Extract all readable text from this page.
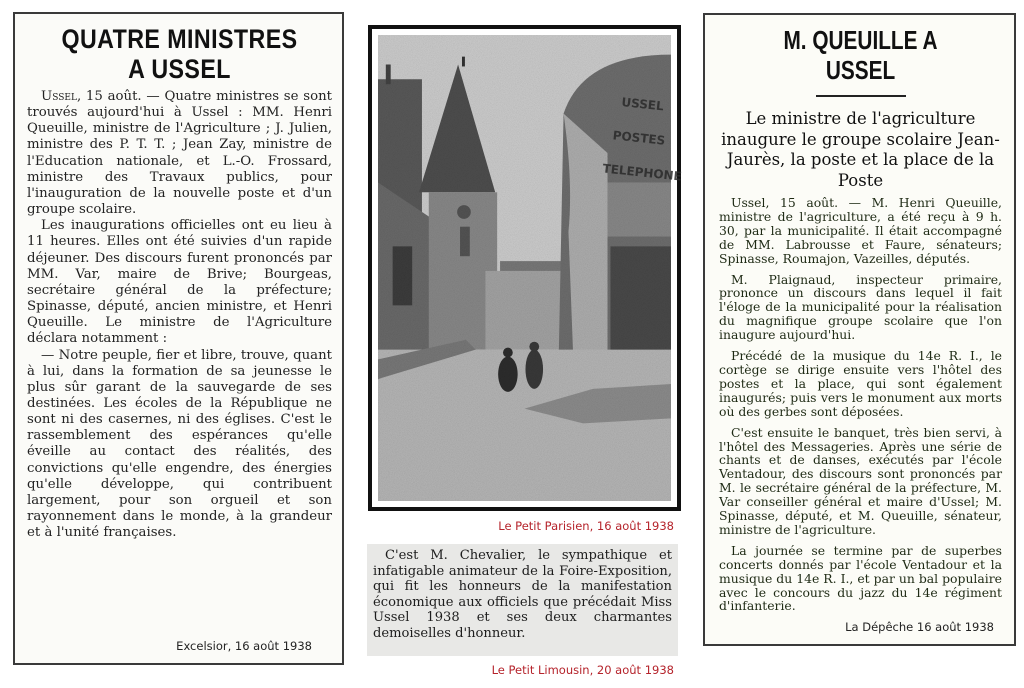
QUATRE MINISTRES
A USSEL

Ussel, 15 août. — Quatre ministres se sont trouvés aujourd'hui à Ussel : MM. Henri Queuille, ministre de l'Agriculture ; J. Julien, ministre des P. T. T. ; Jean Zay, ministre de l'Education nationale, et L.-O. Frossard, ministre des Travaux publics, pour l'inauguration de la nouvelle poste et d'un groupe scolaire.

Les inaugurations officielles ont eu lieu à 11 heures. Elles ont été suivies d'un rapide déjeuner. Des discours furent prononcés par MM. Var, maire de Brive; Bourgeas, secrétaire général de la préfecture; Spinasse, député, ancien ministre, et Henri Queuille. Le ministre de l'Agriculture déclara notamment :

— Notre peuple, fier et libre, trouve, quant à lui, dans la formation de sa jeunesse le plus sûr garant de la sauvegarde de ses destinées. Les écoles de la République ne sont ni des casernes, ni des églises. C'est le rassemblement des espérances qu'elle éveille au contact des réalités, des convictions qu'elle engendre, des énergies qu'elle développe, qui contribuent largement, pour son orgueil et son rayonnement dans le monde, à la grandeur et à l'unité françaises.

Excelsior, 16 août 1938
USSEL POSTES TELEPHONE
Le Petit Parisien, 16 août 1938

C'est M. Chevalier, le sympathique et infatigable animateur de la Foire-Exposition, qui fit les honneurs de la manifestation économique aux officiels que précédait Miss Ussel 1938 et ses deux charmantes demoiselles d'honneur.

Le Petit Limousin, 20 août 1938
M. QUEUILLE A USSEL
Le ministre de l'agriculture inaugure le groupe scolaire Jean-Jaurès, la poste et la place de la Poste

Ussel, 15 août. — M. Henri Queuille, ministre de l'agriculture, a été reçu à 9 h. 30, par la municipalité. Il était accompagné de MM. Labrousse et Faure, sénateurs; Spinasse, Roumajon, Vazeilles, députés.

M. Plaignaud, inspecteur primaire, prononce un discours dans lequel il fait l'éloge de la municipalité pour la réalisation du magnifique groupe scolaire que l'on inaugure aujourd'hui.

Précédé de la musique du 14e R. I., le cortège se dirige ensuite vers l'hôtel des postes et la place, qui sont également inaugurés; puis vers le monument aux morts où des gerbes sont déposées.

C'est ensuite le banquet, très bien servi, à l'hôtel des Messageries. Après une série de chants et de danses, exécutés par l'école Ventadour, des discours sont prononcés par M. le secrétaire général de la préfecture, M. Var conseiller général et maire d'Ussel; M. Spinasse, député, et M. Queuille, sénateur, ministre de l'agriculture.

La journée se termine par de superbes concerts donnés par l'école Ventadour et la musique du 14e R. I., et par un bal populaire avec le concours du jazz du 14e régiment d'infanterie.

La Dépêche 16 août 1938
